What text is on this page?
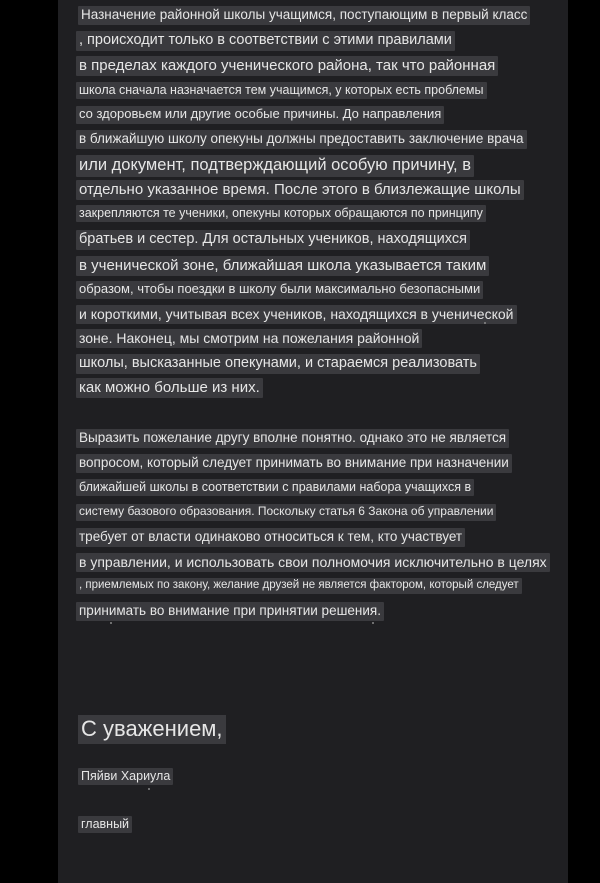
Назначение районной школы учащимся, поступающим в первый класс
, происходит только в соответствии с этими правилами
в пределах каждого ученического района, так что районная
школа сначала назначается тем учащимся, у которых есть проблемы
со здоровьем или другие особые причины. До направления
в ближайшую школу опекуны должны предоставить заключение врача
или документ, подтверждающий особую причину, в
отдельно указанное время. После этого в близлежащие школы
закрепляются те ученики, опекуны которых обращаются по принципу
братьев и сестер. Для остальных учеников, находящихся
в ученической зоне, ближайшая школа указывается таким
образом, чтобы поездки в школу были максимально безопасными
и короткими, учитывая всех учеников, находящихся в ученической
зоне. Наконец, мы смотрим на пожелания районной
школы, высказанные опекунами, и стараемся реализовать
как можно больше из них.
Выразить пожелание другу вполне понятно. однако это не является
вопросом, который следует принимать во внимание при назначении
ближайшей школы в соответствии с правилами набора учащихся в
систему базового образования. Поскольку статья 6 Закона об управлении
требует от власти одинаково относиться к тем, кто участвует
в управлении, и использовать свои полномочия исключительно в целях
, приемлемых по закону, желание друзей не является фактором, который следует
принимать во внимание при принятии решения.
С уважением,
Пяйви Хариула
главный
